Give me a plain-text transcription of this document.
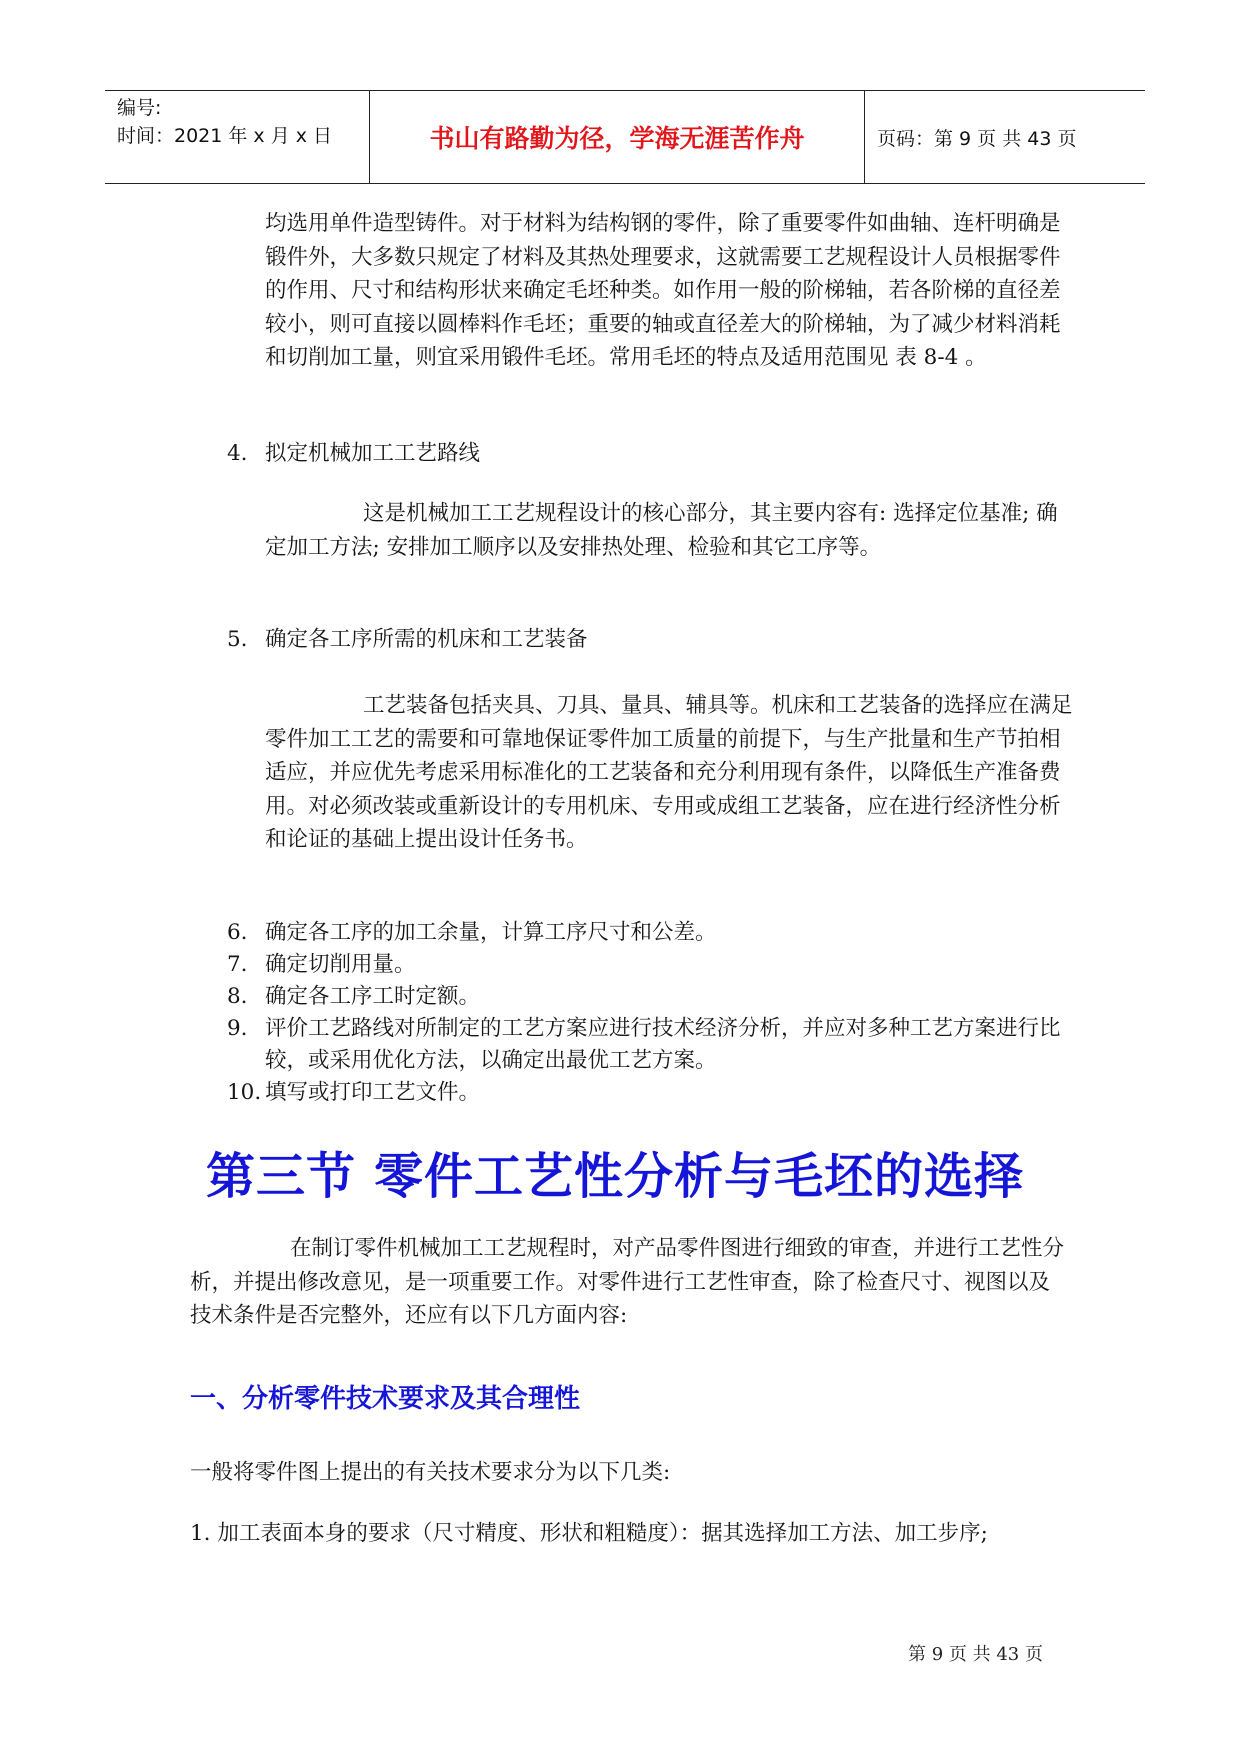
编号:
时间：2021 年 x 月 x 日	书山有路勤为径，学海无涯苦作舟	页码：第 9 页 共 43 页

均选用单件造型铸件。对于材料为结构钢的零件，除了重要零件如曲轴、连杆明确是锻件外，大多数只规定了材料及其热处理要求，这就需要工艺规程设计人员根据零件的作用、尺寸和结构形状来确定毛坯种类。如作用一般的阶梯轴，若各阶梯的直径差较小，则可直接以圆棒料作毛坯；重要的轴或直径差大的阶梯轴，为了减少材料消耗和切削加工量，则宜采用锻件毛坯。常用毛坯的特点及适用范围见 表 8-4 。

4. 拟定机械加工工艺路线

这是机械加工工艺规程设计的核心部分，其主要内容有: 选择定位基准; 确定加工方法; 安排加工顺序以及安排热处理、检验和其它工序等。

5. 确定各工序所需的机床和工艺装备

工艺装备包括夹具、刀具、量具、辅具等。机床和工艺装备的选择应在满足零件加工工艺的需要和可靠地保证零件加工质量的前提下，与生产批量和生产节拍相适应，并应优先考虑采用标准化的工艺装备和充分利用现有条件，以降低生产准备费用。对必须改装或重新设计的专用机床、专用或成组工艺装备，应在进行经济性分析和论证的基础上提出设计任务书。

6. 确定各工序的加工余量，计算工序尺寸和公差。
7. 确定切削用量。
8. 确定各工序工时定额。
9. 评价工艺路线对所制定的工艺方案应进行技术经济分析，并应对多种工艺方案进行比较，或采用优化方法，以确定出最优工艺方案。
10. 填写或打印工艺文件。
第三节 零件工艺性分析与毛坯的选择

在制订零件机械加工工艺规程时，对产品零件图进行细致的审查，并进行工艺性分析，并提出修改意见，是一项重要工作。对零件进行工艺性审查，除了检查尺寸、视图以及技术条件是否完整外，还应有以下几方面内容:

一、分析零件技术要求及其合理性

一般将零件图上提出的有关技术要求分为以下几类:

1. 加工表面本身的要求（尺寸精度、形状和粗糙度）：据其选择加工方法、加工步序;

第 9 页 共 43 页
